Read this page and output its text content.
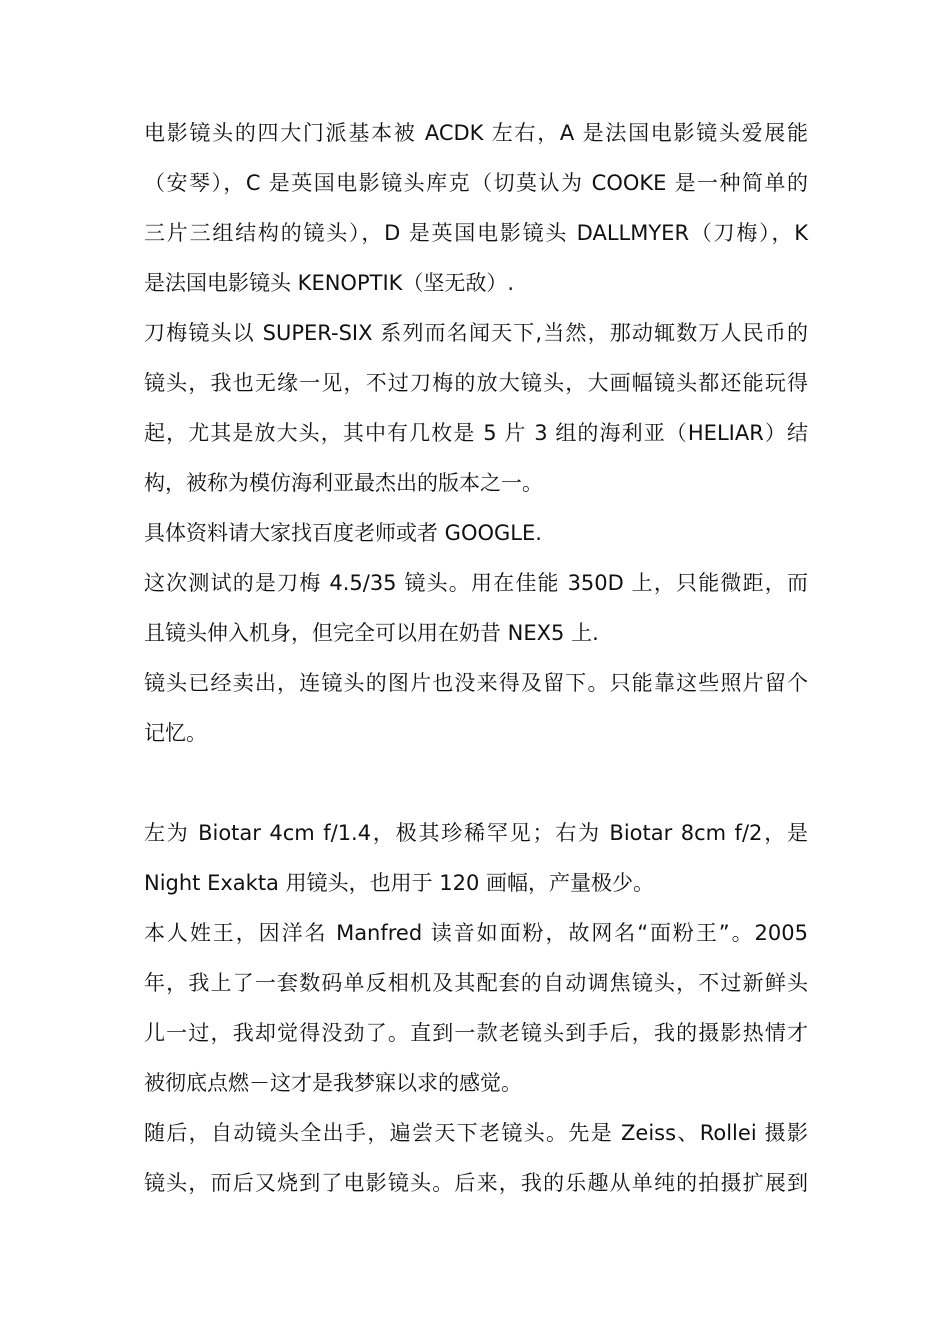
电影镜头的四大门派基本被 ACDK 左右，A 是法国电影镜头爱展能
（安琴），C 是英国电影镜头库克（切莫认为 COOKE 是一种简单的
三片三组结构的镜头），D 是英国电影镜头 DALLMYER（刀梅），K
是法国电影镜头 KENOPTIK（坚无敌）.
刀梅镜头以 SUPER-SIX 系列而名闻天下,当然，那动辄数万人民币的
镜头，我也无缘一见，不过刀梅的放大镜头，大画幅镜头都还能玩得
起，尤其是放大头，其中有几枚是 5 片 3 组的海利亚（HELIAR）结
构，被称为模仿海利亚最杰出的版本之一。
具体资料请大家找百度老师或者 GOOGLE.
这次测试的是刀梅 4.5/35 镜头。用在佳能 350D 上，只能微距，而
且镜头伸入机身，但完全可以用在奶昔 NEX5 上.
镜头已经卖出，连镜头的图片也没来得及留下。只能靠这些照片留个
记忆。
左为 Biotar 4cm f/1.4，极其珍稀罕见；右为 Biotar 8cm f/2，是
Night Exakta 用镜头，也用于 120 画幅，产量极少。
本人姓王，因洋名 Manfred 读音如面粉，故网名“面粉王”。2005
年，我上了一套数码单反相机及其配套的自动调焦镜头，不过新鲜头
儿一过，我却觉得没劲了。直到一款老镜头到手后，我的摄影热情才
被彻底点燃－这才是我梦寐以求的感觉。
随后，自动镜头全出手，遍尝天下老镜头。先是 Zeiss、Rollei 摄影
镜头，而后又烧到了电影镜头。后来，我的乐趣从单纯的拍摄扩展到
